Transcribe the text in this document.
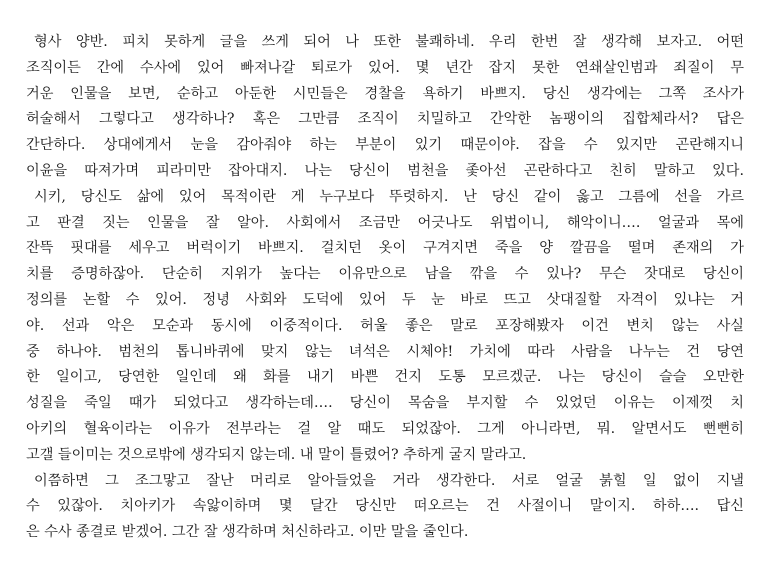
형사 양반. 피치 못하게 글을 쓰게 되어 나 또한 불쾌하네. 우리 한번 잘 생각해 보자고. 어떤
조직이든 간에 수사에 있어 빠져나갈 퇴로가 있어. 몇 년간 잡지 못한 연쇄살인범과 죄질이 무
거운 인물을 보면, 순하고 아둔한 시민들은 경찰을 욕하기 바쁘지. 당신 생각에는 그쪽 조사가
허술해서 그렇다고 생각하나? 혹은 그만큼 조직이 치밀하고 간악한 놈팽이의 집합체라서? 답은
간단하다. 상대에게서 눈을 감아줘야 하는 부분이 있기 때문이야. 잡을 수 있지만 곤란해지니
이윤을 따져가며 피라미만 잡아대지. 나는 당신이 범천을 좇아선 곤란하다고 친히 말하고 있다.
시키, 당신도 삶에 있어 목적이란 게 누구보다 뚜렷하지. 난 당신 같이 옳고 그름에 선을 가르
고 판결 짓는 인물을 잘 알아. 사회에서 조금만 어긋나도 위법이니, 해악이니…. 얼굴과 목에
잔뜩 핏대를 세우고 버럭이기 바쁘지. 걸치던 옷이 구겨지면 죽을 양 깔끔을 떨며 존재의 가
치를 증명하잖아. 단순히 지위가 높다는 이유만으로 남을 깎을 수 있나? 무슨 잣대로 당신이
정의를 논할 수 있어. 정녕 사회와 도덕에 있어 두 눈 바로 뜨고 삿대질할 자격이 있냐는 거
야. 선과 악은 모순과 동시에 이중적이다. 허울 좋은 말로 포장해봤자 이건 변치 않는 사실
중 하나야. 범천의 톱니바퀴에 맞지 않는 녀석은 시체야! 가치에 따라 사람을 나누는 건 당연
한 일이고, 당연한 일인데 왜 화를 내기 바쁜 건지 도통 모르겠군. 나는 당신이 슬슬 오만한
성질을 죽일 때가 되었다고 생각하는데…. 당신이 목숨을 부지할 수 있었던 이유는 이제껏 치
아키의 혈육이라는 이유가 전부라는 걸 알 때도 되었잖아. 그게 아니라면, 뭐. 알면서도 뻔뻔히
고갤 들이미는 것으로밖에 생각되지 않는데. 내 말이 틀렸어? 추하게 굴지 말라고.
이쯤하면 그 조그맣고 잘난 머리로 알아들었을 거라 생각한다. 서로 얼굴 붉힐 일 없이 지낼
수 있잖아. 치아키가 속앓이하며 몇 달간 당신만 떠오르는 건 사절이니 말이지. 하하…. 답신
은 수사 종결로 받겠어. 그간 잘 생각하며 처신하라고. 이만 말을 줄인다.
